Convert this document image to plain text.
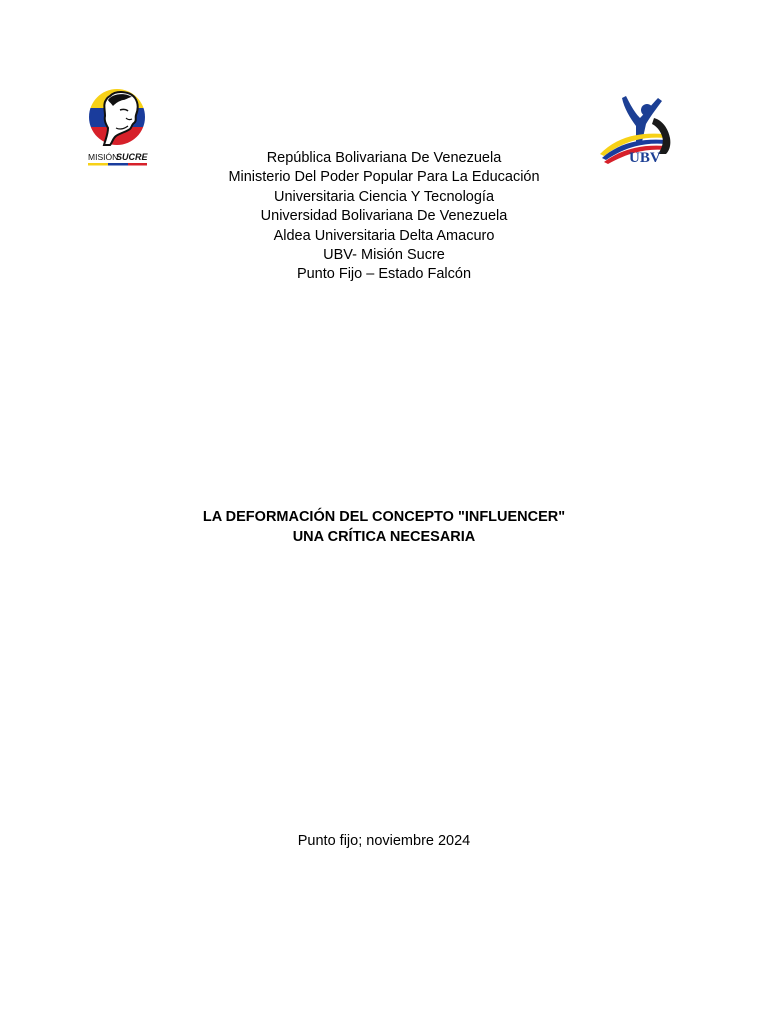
MISIÓN
SUCRE	UBV
República Bolivariana De Venezuela
Ministerio Del Poder Popular Para La Educación
Universitaria Ciencia Y Tecnología
Universidad Bolivariana De Venezuela
Aldea Universitaria Delta Amacuro
UBV- Misión Sucre
Punto Fijo – Estado Falcón
LA DEFORMACIÓN DEL CONCEPTO "INFLUENCER"
UNA CRÍTICA NECESARIA
Punto fijo; noviembre 2024
